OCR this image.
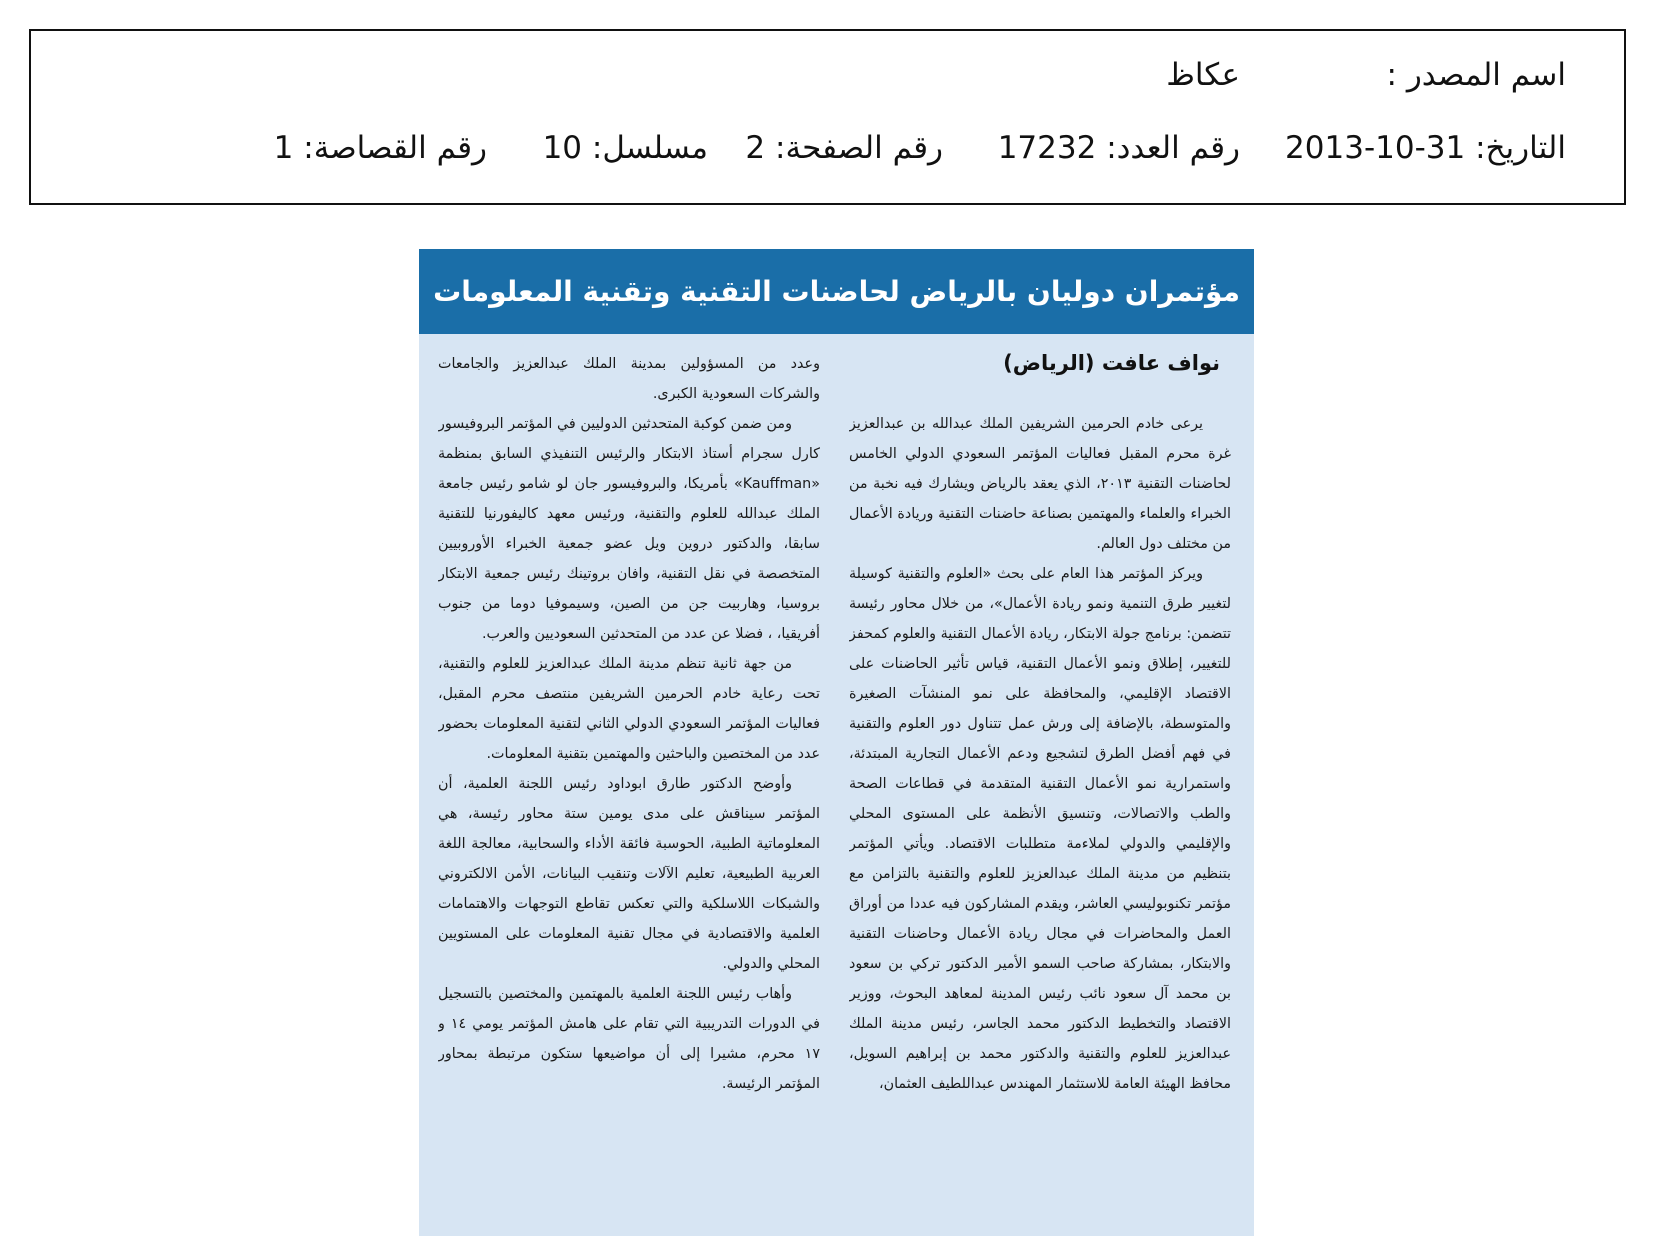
اسم المصدر :
عكاظ
التاريخ: 2013-10-31
رقم العدد: 17232
رقم الصفحة: 2
مسلسل: 10
رقم القصاصة: 1
مؤتمران دوليان بالرياض لحاضنات التقنية وتقنية المعلومات
نواف عافت (الرياض)

يرعى خادم الحرمين الشريفين الملك عبدالله بن عبدالعزيز غرة محرم المقبل فعاليات المؤتمر السعودي الدولي الخامس لحاضنات التقنية ٢٠١٣، الذي يعقد بالرياض ويشارك فيه نخبة من الخبراء والعلماء والمهتمين بصناعة حاضنات التقنية وريادة الأعمال من مختلف دول العالم.

ويركز المؤتمر هذا العام على بحث «العلوم والتقنية كوسيلة لتغيير طرق التنمية ونمو ريادة الأعمال»، من خلال محاور رئيسة تتضمن: برنامج جولة الابتكار، ريادة الأعمال التقنية والعلوم كمحفز للتغيير، إطلاق ونمو الأعمال التقنية، قياس تأثير الحاضنات على الاقتصاد الإقليمي، والمحافظة على نمو المنشآت الصغيرة والمتوسطة، بالإضافة إلى ورش عمل تتناول دور العلوم والتقنية في فهم أفضل الطرق لتشجيع ودعم الأعمال التجارية المبتدئة، واستمرارية نمو الأعمال التقنية المتقدمة في قطاعات الصحة والطب والاتصالات، وتنسيق الأنظمة على المستوى المحلي والإقليمي والدولي لملاءمة متطلبات الاقتصاد. ويأتي المؤتمر بتنظيم من مدينة الملك عبدالعزيز للعلوم والتقنية بالتزامن مع مؤتمر تكنوبوليسي العاشر، ويقدم المشاركون فيه عددا من أوراق العمل والمحاضرات في مجال ريادة الأعمال وحاضنات التقنية والابتكار، بمشاركة صاحب السمو الأمير الدكتور تركي بن سعود بن محمد آل سعود نائب رئيس المدينة لمعاهد البحوث، ووزير الاقتصاد والتخطيط الدكتور محمد الجاسر، رئيس مدينة الملك عبدالعزيز للعلوم والتقنية والدكتور محمد بن إبراهيم السويل، محافظ الهيئة العامة للاستثمار المهندس عبداللطيف العثمان،

وعدد من المسؤولين بمدينة الملك عبدالعزيز والجامعات والشركات السعودية الكبرى.

ومن ضمن كوكبة المتحدثين الدوليين في المؤتمر البروفيسور كارل سجرام أستاذ الابتكار والرئيس التنفيذي السابق بمنظمة «Kauffman» بأمريكا، والبروفيسور جان لو شامو رئيس جامعة الملك عبدالله للعلوم والتقنية، ورئيس معهد كاليفورنيا للتقنية سابقا، والدكتور دروين ويل عضو جمعية الخبراء الأوروبيين المتخصصة في نقل التقنية، وافان بروتينك رئيس جمعية الابتكار بروسيا، وهاربيت جن من الصين، وسيموفيا دوما من جنوب أفريقيا، ، فضلا عن عدد من المتحدثين السعوديين والعرب.

من جهة ثانية تنظم مدينة الملك عبدالعزيز للعلوم والتقنية، تحت رعاية خادم الحرمين الشريفين منتصف محرم المقبل، فعاليات المؤتمر السعودي الدولي الثاني لتقنية المعلومات بحضور عدد من المختصين والباحثين والمهتمين بتقنية المعلومات.

وأوضح الدكتور طارق ابوداود رئيس اللجنة العلمية، أن المؤتمر سيناقش على مدى يومين ستة محاور رئيسة، هي المعلوماتية الطبية، الحوسبة فائقة الأداء والسحابية، معالجة اللغة العربية الطبيعية، تعليم الآلات وتنقيب البيانات، الأمن الالكتروني والشبكات اللاسلكية والتي تعكس تقاطع التوجهات والاهتمامات العلمية والاقتصادية في مجال تقنية المعلومات على المستويين المحلي والدولي.

وأهاب رئيس اللجنة العلمية بالمهتمين والمختصين بالتسجيل في الدورات التدريبية التي تقام على هامش المؤتمر يومي ١٤ و ١٧ محرم، مشيرا إلى أن مواضيعها ستكون مرتبطة بمحاور المؤتمر الرئيسة.
